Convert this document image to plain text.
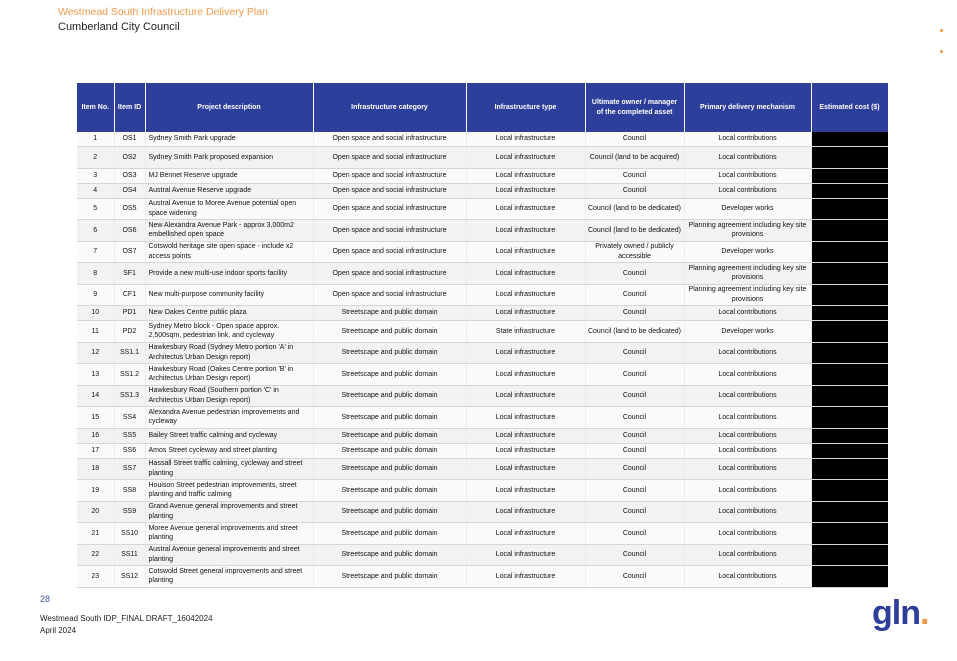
Westmead South Infrastructure Delivery Plan
Cumberland City Council
Item No.	Item ID	Project description	Infrastructure category	Infrastructure type	Ultimate owner / manager of the completed asset	Primary delivery mechanism	Estimated cost ($)
1	OS1	Sydney Smith Park upgrade	Open space and social infrastructure	Local infrastructure	Council	Local contributions	
2	OS2	Sydney Smith Park proposed expansion	Open space and social infrastructure	Local infrastructure	Council (land to be acquired)	Local contributions	
3	OS3	MJ Bennet Reserve upgrade	Open space and social infrastructure	Local infrastructure	Council	Local contributions	
4	OS4	Austral Avenue Reserve upgrade	Open space and social infrastructure	Local infrastructure	Council	Local contributions	
5	OS5	Austral Avenue to Moree Avenue potential open space widening	Open space and social infrastructure	Local infrastructure	Council (land to be dedicated)	Developer works	
6	OS6	New Alexandra Avenue Park - approx 3,000m2 embellished open space	Open space and social infrastructure	Local infrastructure	Council (land to be dedicated)	Planning agreement including key site provisions	
7	OS7	Cotswold heritage site open space - include x2 access points	Open space and social infrastructure	Local infrastructure	Privately owned / publicly accessible	Developer works	
8	SF1	Provide a new multi-use indoor sports facility	Open space and social infrastructure	Local infrastructure	Council	Planning agreement including key site provisions	
9	CF1	New multi-purpose community facility	Open space and social infrastructure	Local infrastructure	Council	Planning agreement including key site provisions	
10	PD1	New Oakes Centre public plaza	Streetscape and public domain	Local infrastructure	Council	Local contributions	
11	PD2	Sydney Metro block - Open space approx. 2,500sqm, pedestrian link, and cycleway	Streetscape and public domain	State infrastructure	Council (land to be dedicated)	Developer works	
12	SS1.1	Hawkesbury Road (Sydney Metro portion 'A' in Architectus Urban Design report)	Streetscape and public domain	Local infrastructure	Council	Local contributions	
13	SS1.2	Hawkesbury Road (Oakes Centre portion 'B' in Architectus Urban Design report)	Streetscape and public domain	Local infrastructure	Council	Local contributions	
14	SS1.3	Hawkesbury Road (Southern portion 'C' in Architectus Urban Design report)	Streetscape and public domain	Local infrastructure	Council	Local contributions	
15	SS4	Alexandra Avenue pedestrian improvements and cycleway	Streetscape and public domain	Local infrastructure	Council	Local contributions	
16	SS5	Bailey Street traffic calming and cycleway	Streetscape and public domain	Local infrastructure	Council	Local contributions	
17	SS6	Amos Street cycleway and street planting	Streetscape and public domain	Local infrastructure	Council	Local contributions	
18	SS7	Hassall Street traffic calming, cycleway and street planting	Streetscape and public domain	Local infrastructure	Council	Local contributions	
19	SS8	Houison Street pedestrian improvements, street planting and traffic calming	Streetscape and public domain	Local infrastructure	Council	Local contributions	
20	SS9	Grand Avenue general improvements and street planting	Streetscape and public domain	Local infrastructure	Council	Local contributions	
21	SS10	Moree Avenue general improvements and street planting	Streetscape and public domain	Local infrastructure	Council	Local contributions	
22	SS11	Austral Avenue general improvements and street planting	Streetscape and public domain	Local infrastructure	Council	Local contributions	
23	SS12	Cotswold Street general improvements and street planting	Streetscape and public domain	Local infrastructure	Council	Local contributions	
28
Westmead South IDP_FINAL DRAFT_16042024
April 2024	gln.
